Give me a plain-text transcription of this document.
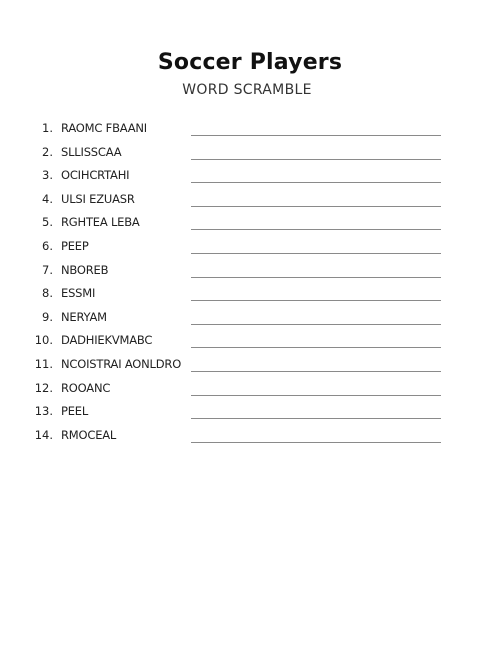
Soccer Players
WORD SCRAMBLE
1. RAOMC FBAANI
2. SLLISSCAA
3. OCIHCRTAHI
4. ULSI EZUASR
5. RGHTEA LEBA
6. PEEP
7. NBOREB
8. ESSMI
9. NERYAM
10. DADHIEKVMABC
11. NCOISTRAI AONLDRO
12. ROOANC
13. PEEL
14. RMOCEAL
